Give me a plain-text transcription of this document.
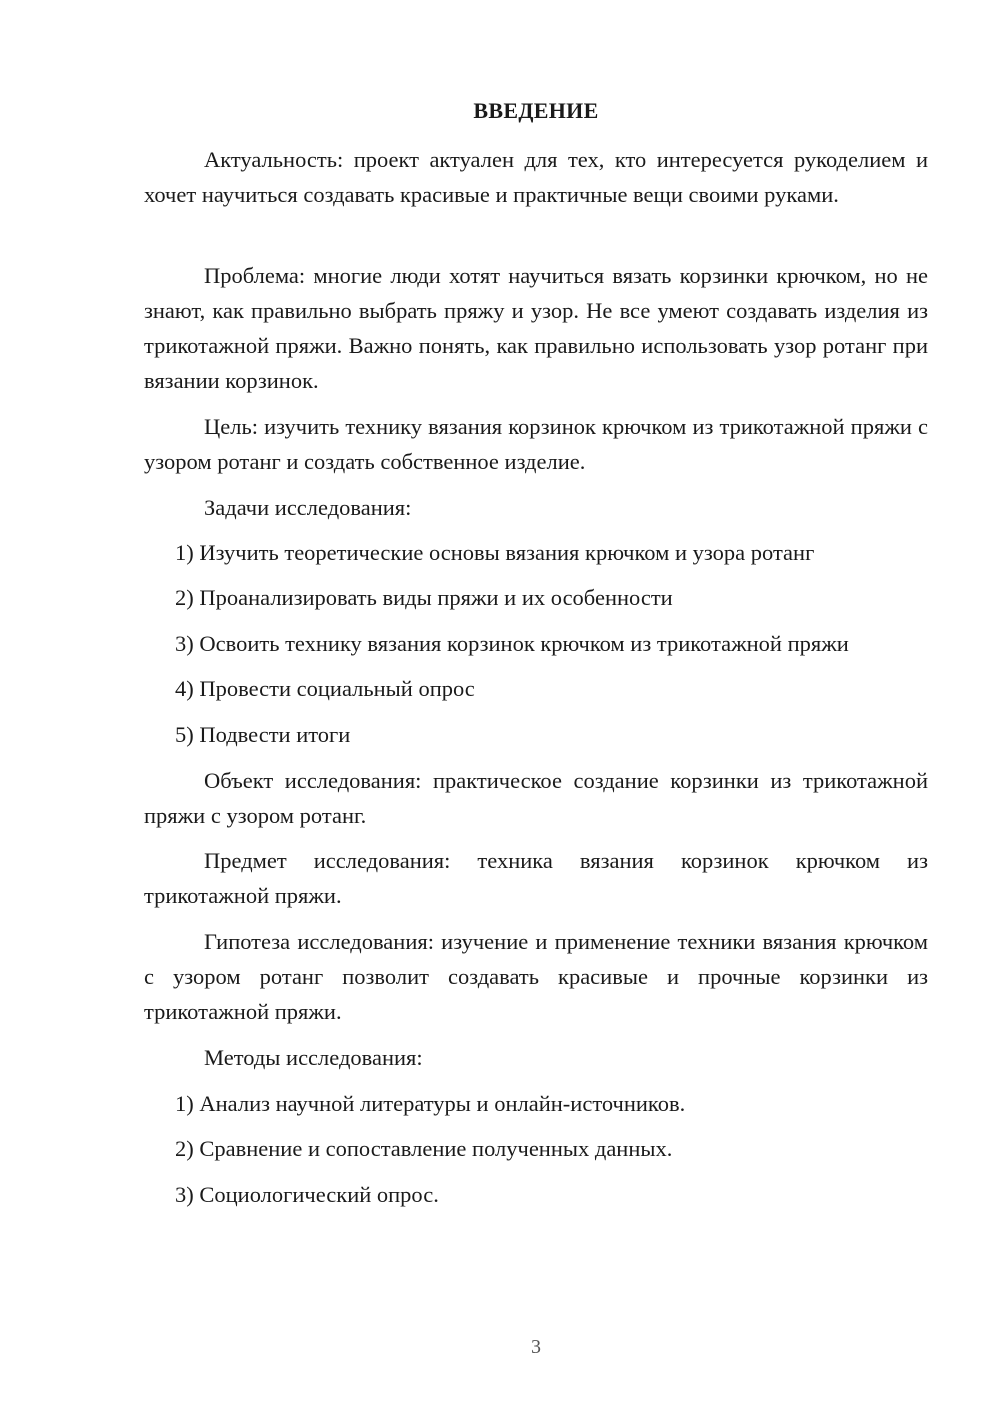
ВВЕДЕНИЕ

Актуальность: проект актуален для тех, кто интересуется рукоделием и хочет научиться создавать красивые и практичные вещи своими руками.

Проблема: многие люди хотят научиться вязать корзинки крючком, но не знают, как правильно выбрать пряжу и узор. Не все умеют создавать изделия из трикотажной пряжи. Важно понять, как правильно использовать узор ротанг при вязании корзинок.

Цель: изучить технику вязания корзинок крючком из трикотажной пряжи с узором ротанг и создать собственное изделие.

Задачи исследования:
1) Изучить теоретические основы вязания крючком и узора ротанг
2) Проанализировать виды пряжи и их особенности
3) Освоить технику вязания корзинок крючком из трикотажной пряжи
4) Провести социальный опрос
5) Подвести итоги

Объект исследования: практическое создание корзинки из трикотажной пряжи с узором ротанг.

Предмет исследования: техника вязания корзинок крючком из трикотажной пряжи.

Гипотеза исследования: изучение и применение техники вязания крючком с узором ротанг позволит создавать красивые и прочные корзинки из трикотажной пряжи.

Методы исследования:
1) Анализ научной литературы и онлайн-источников.
2) Сравнение и сопоставление полученных данных.
3) Социологический опрос.
3
